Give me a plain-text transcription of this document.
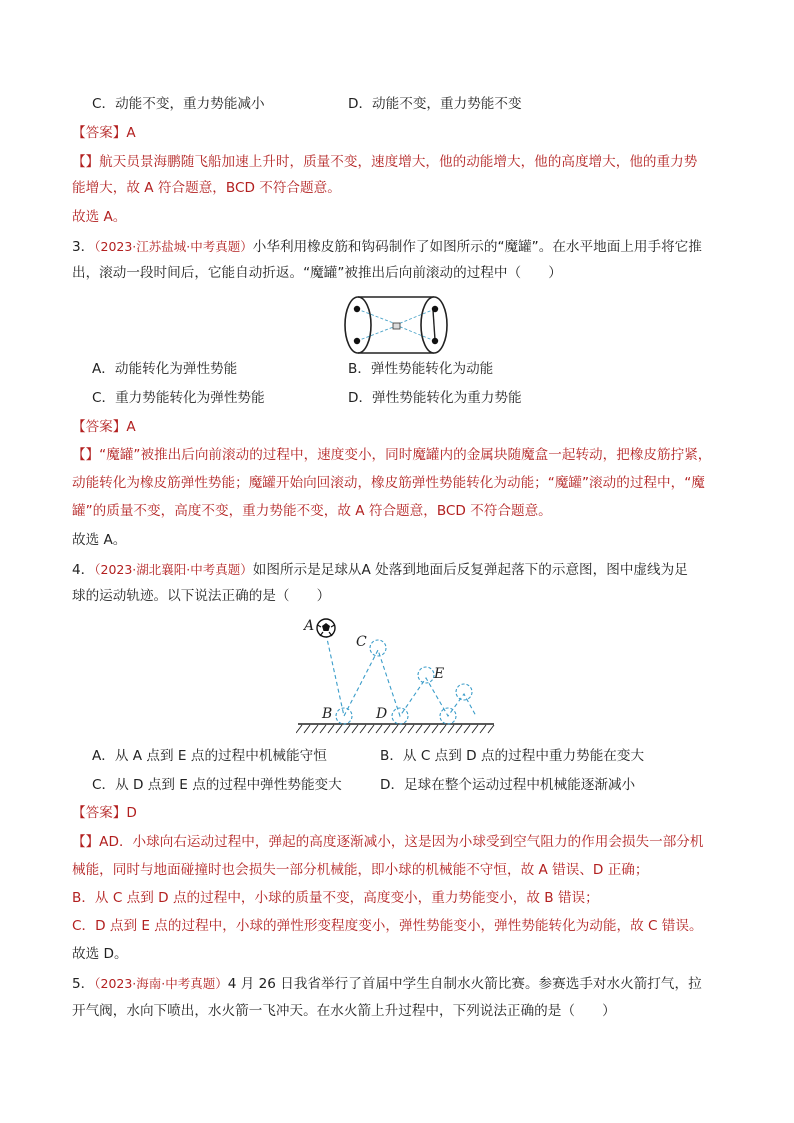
C．动能不变，重力势能减小	D．动能不变，重力势能不变
【答案】A
【】航天员景海鹏随飞船加速上升时，质量不变，速度增大，他的动能增大，他的高度增大，他的重力势
能增大，故 A 符合题意，BCD 不符合题意。
故选 A。
3．（2023·江苏盐城·中考真题）小华利用橡皮筋和钩码制作了如图所示的“魔罐”。在水平地面上用手将它推
出，滚动一段时间后，它能自动折返。“魔罐”被推出后向前滚动的过程中（　　）
A．动能转化为弹性势能	B．弹性势能转化为动能
C．重力势能转化为弹性势能	D．弹性势能转化为重力势能
【答案】A
【】“魔罐”被推出后向前滚动的过程中，速度变小，同时魔罐内的金属块随魔盒一起转动，把橡皮筋拧紧，
动能转化为橡皮筋弹性势能；魔罐开始向回滚动，橡皮筋弹性势能转化为动能；“魔罐”滚动的过程中，“魔
罐”的质量不变，高度不变，重力势能不变，故 A 符合题意，BCD 不符合题意。
故选 A。
4．（2023·湖北襄阳·中考真题）如图所示是足球从A 处落到地面后反复弹起落下的示意图，图中虚线为足
球的运动轨迹。以下说法正确的是（　　）
A
C
E
B	D
A．从 A 点到 E 点的过程中机械能守恒	B．从 C 点到 D 点的过程中重力势能在变大
C．从 D 点到 E 点的过程中弹性势能变大	D．足球在整个运动过程中机械能逐渐减小
【答案】D
【】AD．小球向右运动过程中，弹起的高度逐渐减小，这是因为小球受到空气阻力的作用会损失一部分机
械能，同时与地面碰撞时也会损失一部分机械能，即小球的机械能不守恒，故 A 错误、D 正确；
B．从 C 点到 D 点的过程中，小球的质量不变，高度变小，重力势能变小，故 B 错误；
C．D 点到 E 点的过程中，小球的弹性形变程度变小，弹性势能变小，弹性势能转化为动能，故 C 错误。
故选 D。
5．（2023·海南·中考真题）4 月 26 日我省举行了首届中学生自制水火箭比赛。参赛选手对水火箭打气，拉
开气阀，水向下喷出，水火箭一飞冲天。在水火箭上升过程中，下列说法正确的是（　　）
